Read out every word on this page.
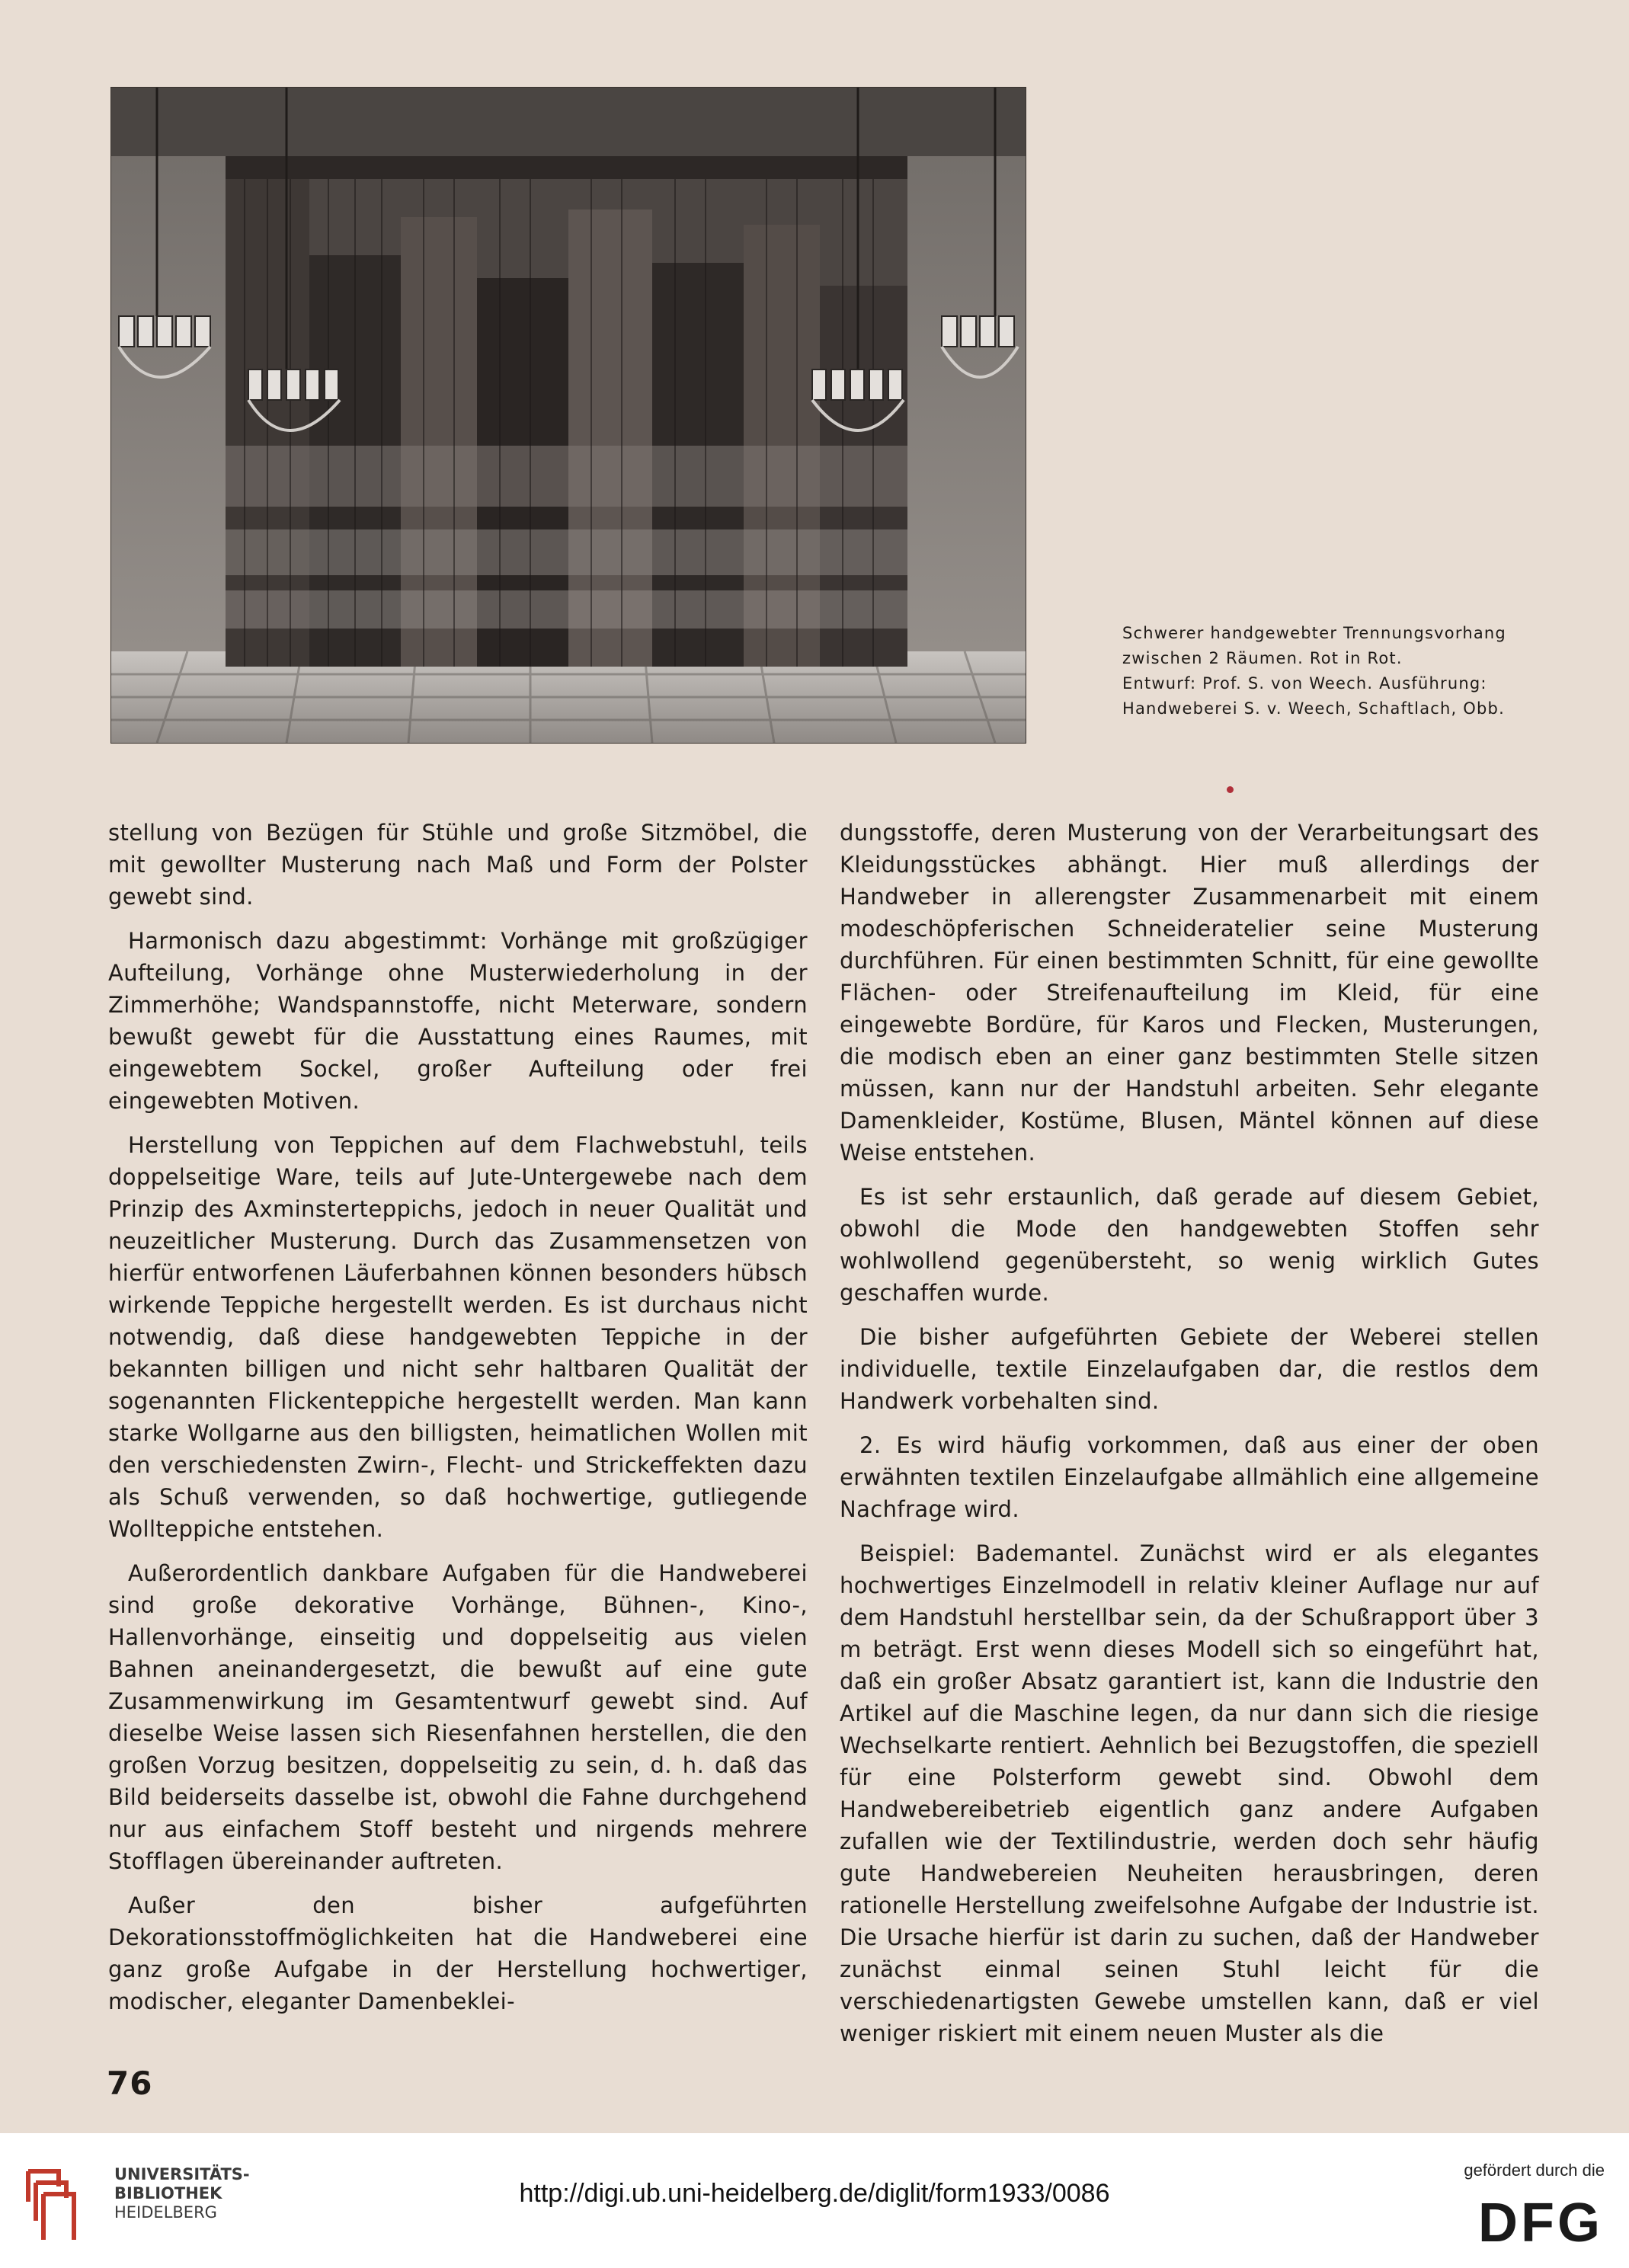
Schwerer handgewebter Trennungsvorhang
zwischen 2 Räumen. Rot in Rot.
Entwurf: Prof. S. von Weech. Ausführung:
Handweberei S. v. Weech, Schaftlach, Obb.

stellung von Bezügen für Stühle und große Sitzmöbel, die mit gewollter Musterung nach Maß und Form der Polster gewebt sind.

Harmonisch dazu abgestimmt: Vorhänge mit großzügiger Aufteilung, Vorhänge ohne Musterwiederholung in der Zimmerhöhe; Wandspannstoffe, nicht Meterware, sondern bewußt gewebt für die Ausstattung eines Raumes, mit eingewebtem Sockel, großer Aufteilung oder frei eingewebten Motiven.

Herstellung von Teppichen auf dem Flachwebstuhl, teils doppelseitige Ware, teils auf Jute-Untergewebe nach dem Prinzip des Axminsterteppichs, jedoch in neuer Qualität und neuzeitlicher Musterung. Durch das Zusammensetzen von hierfür entworfenen Läuferbahnen können besonders hübsch wirkende Teppiche hergestellt werden. Es ist durchaus nicht notwendig, daß diese handgewebten Teppiche in der bekannten billigen und nicht sehr haltbaren Qualität der sogenannten Flickenteppiche hergestellt werden. Man kann starke Wollgarne aus den billigsten, heimatlichen Wollen mit den verschiedensten Zwirn-, Flecht- und Strickeffekten dazu als Schuß verwenden, so daß hochwertige, gutliegende Wollteppiche entstehen.

Außerordentlich dankbare Aufgaben für die Handweberei sind große dekorative Vorhänge, Bühnen-, Kino-, Hallenvorhänge, einseitig und doppelseitig aus vielen Bahnen aneinandergesetzt, die bewußt auf eine gute Zusammenwirkung im Gesamtentwurf gewebt sind. Auf dieselbe Weise lassen sich Riesenfahnen herstellen, die den großen Vorzug besitzen, doppelseitig zu sein, d. h. daß das Bild beiderseits dasselbe ist, obwohl die Fahne durchgehend nur aus einfachem Stoff besteht und nirgends mehrere Stofflagen übereinander auftreten.

Außer den bisher aufgeführten Dekorationsstoffmöglichkeiten hat die Handweberei eine ganz große Aufgabe in der Herstellung hochwertiger, modischer, eleganter Damenbeklei-

dungsstoffe, deren Musterung von der Verarbeitungsart des Kleidungsstückes abhängt. Hier muß allerdings der Handweber in allerengster Zusammenarbeit mit einem modeschöpferischen Schneideratelier seine Musterung durchführen. Für einen bestimmten Schnitt, für eine gewollte Flächen- oder Streifenaufteilung im Kleid, für eine eingewebte Bordüre, für Karos und Flecken, Musterungen, die modisch eben an einer ganz bestimmten Stelle sitzen müssen, kann nur der Handstuhl arbeiten. Sehr elegante Damenkleider, Kostüme, Blusen, Mäntel können auf diese Weise entstehen.

Es ist sehr erstaunlich, daß gerade auf diesem Gebiet, obwohl die Mode den handgewebten Stoffen sehr wohlwollend gegenübersteht, so wenig wirklich Gutes geschaffen wurde.

Die bisher aufgeführten Gebiete der Weberei stellen individuelle, textile Einzelaufgaben dar, die restlos dem Handwerk vorbehalten sind.

2. Es wird häufig vorkommen, daß aus einer der oben erwähnten textilen Einzelaufgabe allmählich eine allgemeine Nachfrage wird.

Beispiel: Bademantel. Zunächst wird er als elegantes hochwertiges Einzelmodell in relativ kleiner Auflage nur auf dem Handstuhl herstellbar sein, da der Schußrapport über 3 m beträgt. Erst wenn dieses Modell sich so eingeführt hat, daß ein großer Absatz garantiert ist, kann die Industrie den Artikel auf die Maschine legen, da nur dann sich die riesige Wechselkarte rentiert. Aehnlich bei Bezugstoffen, die speziell für eine Polsterform gewebt sind. Obwohl dem Handwebereibetrieb eigentlich ganz andere Aufgaben zufallen wie der Textilindustrie, werden doch sehr häufig gute Handwebereien Neuheiten herausbringen, deren rationelle Herstellung zweifelsohne Aufgabe der Industrie ist. Die Ursache hierfür ist darin zu suchen, daß der Handweber zunächst einmal seinen Stuhl leicht für die verschiedenartigsten Gewebe umstellen kann, daß er viel weniger riskiert mit einem neuen Muster als die

76
UNIVERSITÄTS-
BIBLIOTHEK
HEIDELBERG
http://digi.ub.uni-heidelberg.de/diglit/form1933/0086
gefördert durch die
DFG
